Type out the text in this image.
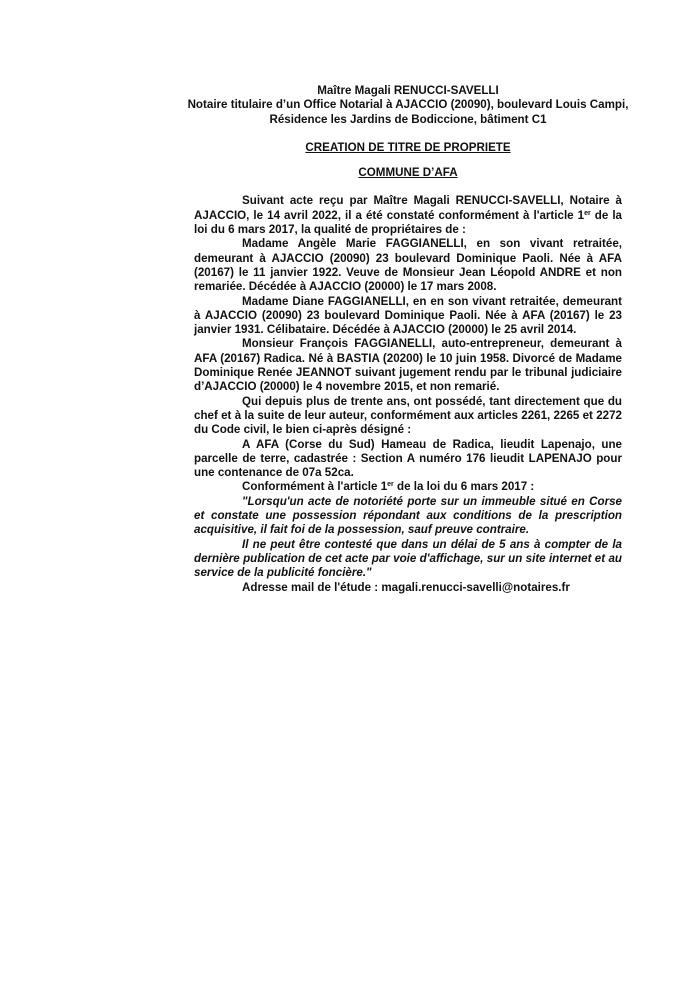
Maître Magali RENUCCI-SAVELLI

Notaire titulaire d’un Office Notarial à AJACCIO (20090), boulevard Louis Campi,

Résidence les Jardins de Bodiccione, bâtiment C1

CREATION DE TITRE DE PROPRIETE

COMMUNE D’AFA

Suivant acte reçu par Maître Magali RENUCCI-SAVELLI, Notaire à AJACCIO, le 14 avril 2022, il a été constaté conformément à l'article 1er de la loi du 6 mars 2017, la qualité de propriétaires de :

Madame Angèle Marie FAGGIANELLI, en son vivant retraitée, demeurant à AJACCIO (20090) 23 boulevard Dominique Paoli. Née à AFA (20167) le 11 janvier 1922. Veuve de Monsieur Jean Léopold ANDRE et non remariée. Décédée à AJACCIO (20000) le 17 mars 2008.

Madame Diane FAGGIANELLI, en en son vivant retraitée, demeurant à AJACCIO (20090) 23 boulevard Dominique Paoli. Née à AFA (20167) le 23 janvier 1931. Célibataire. Décédée à AJACCIO (20000) le 25 avril 2014.

Monsieur François FAGGIANELLI, auto-entrepreneur, demeurant à AFA (20167) Radica. Né à BASTIA (20200) le 10 juin 1958. Divorcé de Madame Dominique Renée JEANNOT suivant jugement rendu par le tribunal judiciaire d’AJACCIO (20000) le 4 novembre 2015, et non remarié.

Qui depuis plus de trente ans, ont possédé, tant directement que du chef et à la suite de leur auteur, conformément aux articles 2261, 2265 et 2272 du Code civil, le bien ci-après désigné :

A AFA (Corse du Sud) Hameau de Radica, lieudit Lapenajo, une parcelle de terre, cadastrée : Section A numéro 176 lieudit LAPENAJO pour une contenance de 07a 52ca.

Conformément à l'article 1er de la loi du 6 mars 2017 :

"Lorsqu'un acte de notoriété porte sur un immeuble situé en Corse et constate une possession répondant aux conditions de la prescription acquisitive, il fait foi de la possession, sauf preuve contraire.

Il ne peut être contesté que dans un délai de 5 ans à compter de la dernière publication de cet acte par voie d'affichage, sur un site internet et au service de la publicité foncière."

Adresse mail de l'étude : magali.renucci-savelli@notaires.fr
